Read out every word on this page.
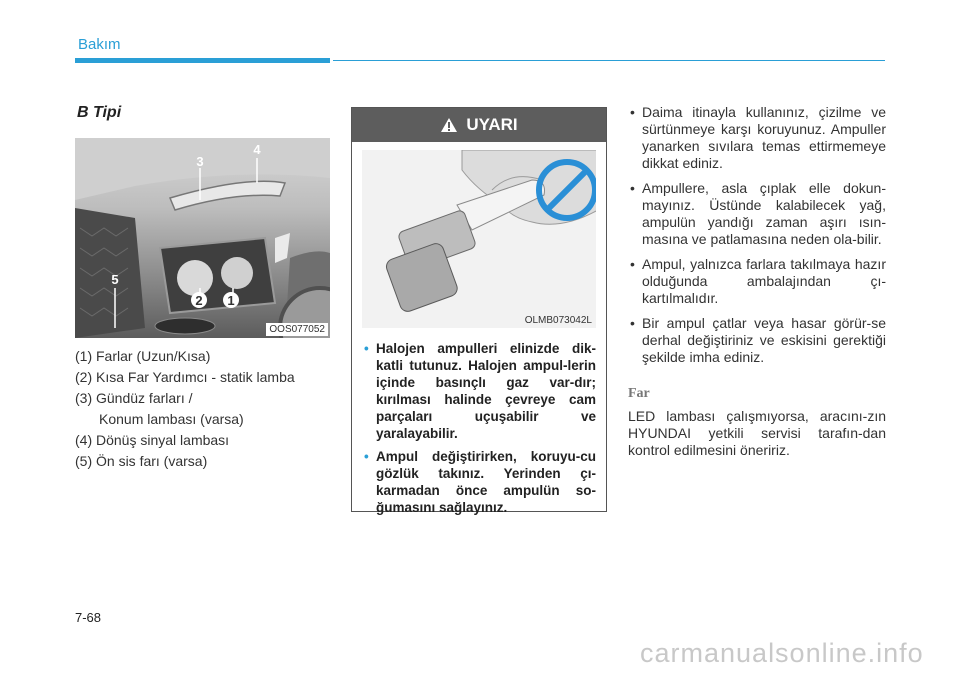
Bakım
B Tipi
1
2
3
4
5
OOS077052
(1) Farlar (Uzun/Kısa)
(2) Kısa Far Yardımcı - statik lamba
(3) Gündüz farları /
Konum lambası (varsa)
(4) Dönüş sinyal lambası
(5) Ön sis farı (varsa)
UYARI
OLMB073042L
• Halojen ampulleri elinizde dik-katli tutunuz. Halojen ampul-lerin içinde basınçlı gaz var-dır; kırılması halinde çevreye cam parçaları uçuşabilir ve yaralayabilir.
• Ampul değiştirirken, koruyu-cu gözlük takınız. Yerinden çı-karmadan önce ampulün so-ğumasını sağlayınız.
• Daima itinayla kullanınız, çizilme ve sürtünmeye karşı koruyunuz. Ampuller yanarken sıvılara temas ettirmemeye dikkat ediniz.
• Ampullere, asla çıplak elle dokun-mayınız. Üstünde kalabilecek yağ, ampulün yandığı zaman aşırı ısın-masına ve patlamasına neden ola-bilir.
• Ampul, yalnızca farlara takılmaya hazır olduğunda ambalajından çı-kartılmalıdır.
• Bir ampul çatlar veya hasar görür-se derhal değiştiriniz ve eskisini gerektiği şekilde imha ediniz.
Far
LED lambası çalışmıyorsa, aracını-zın HYUNDAI yetkili servisi tarafın-dan kontrol edilmesini öneririz.
7-68
carmanualsonline.info
